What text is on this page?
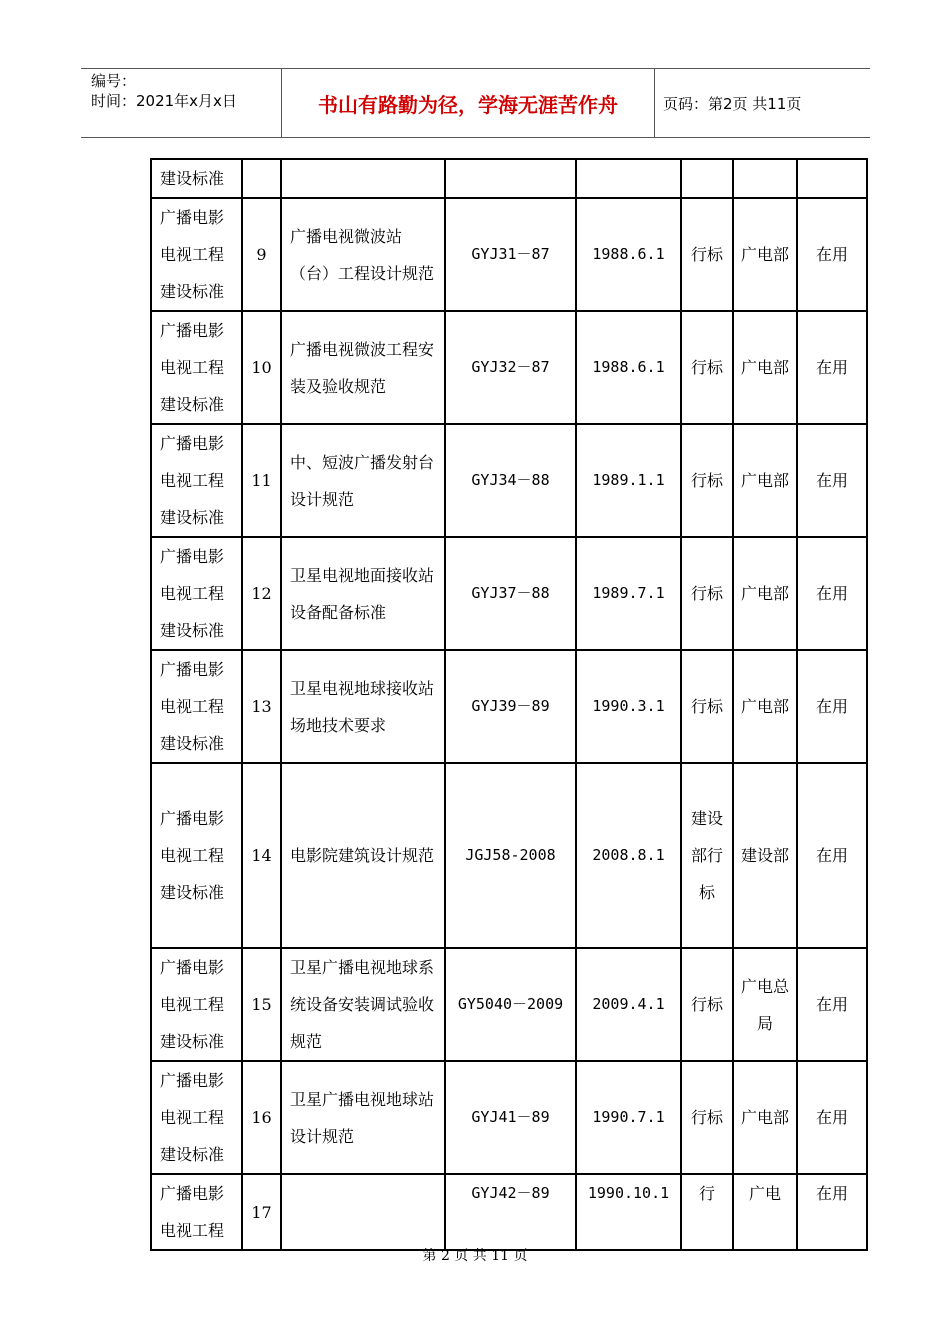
编号：
时间：2021年x月x日	书山有路勤为径，学海无涯苦作舟	页码：第2页 共11页
建设标准							
广播电影电视工程建设标准	9	广播电视微波站（台）工程设计规范	GYJ31－87	1988.6.1	行标	广电部	在用
广播电影电视工程建设标准	10	广播电视微波工程安装及验收规范	GYJ32－87	1988.6.1	行标	广电部	在用
广播电影电视工程建设标准	11	中、短波广播发射台设计规范	GYJ34－88	1989.1.1	行标	广电部	在用
广播电影电视工程建设标准	12	卫星电视地面接收站设备配备标准	GYJ37－88	1989.7.1	行标	广电部	在用
广播电影电视工程建设标准	13	卫星电视地球接收站场地技术要求	GYJ39－89	1990.3.1	行标	广电部	在用
广播电影电视工程建设标准	14	电影院建筑设计规范	JGJ58-2008	2008.8.1	建设部行标	建设部	在用
广播电影电视工程建设标准	15	卫星广播电视地球系统设备安装调试验收规范	GY5040－2009	2009.4.1	行标	广电总局	在用
广播电影电视工程建设标准	16	卫星广播电视地球站设计规范	GYJ41－89	1990.7.1	行标	广电部	在用
广播电影电视工程	17		GYJ42－89	1990.10.1	行	广电	在用
第 2 页 共 11 页
